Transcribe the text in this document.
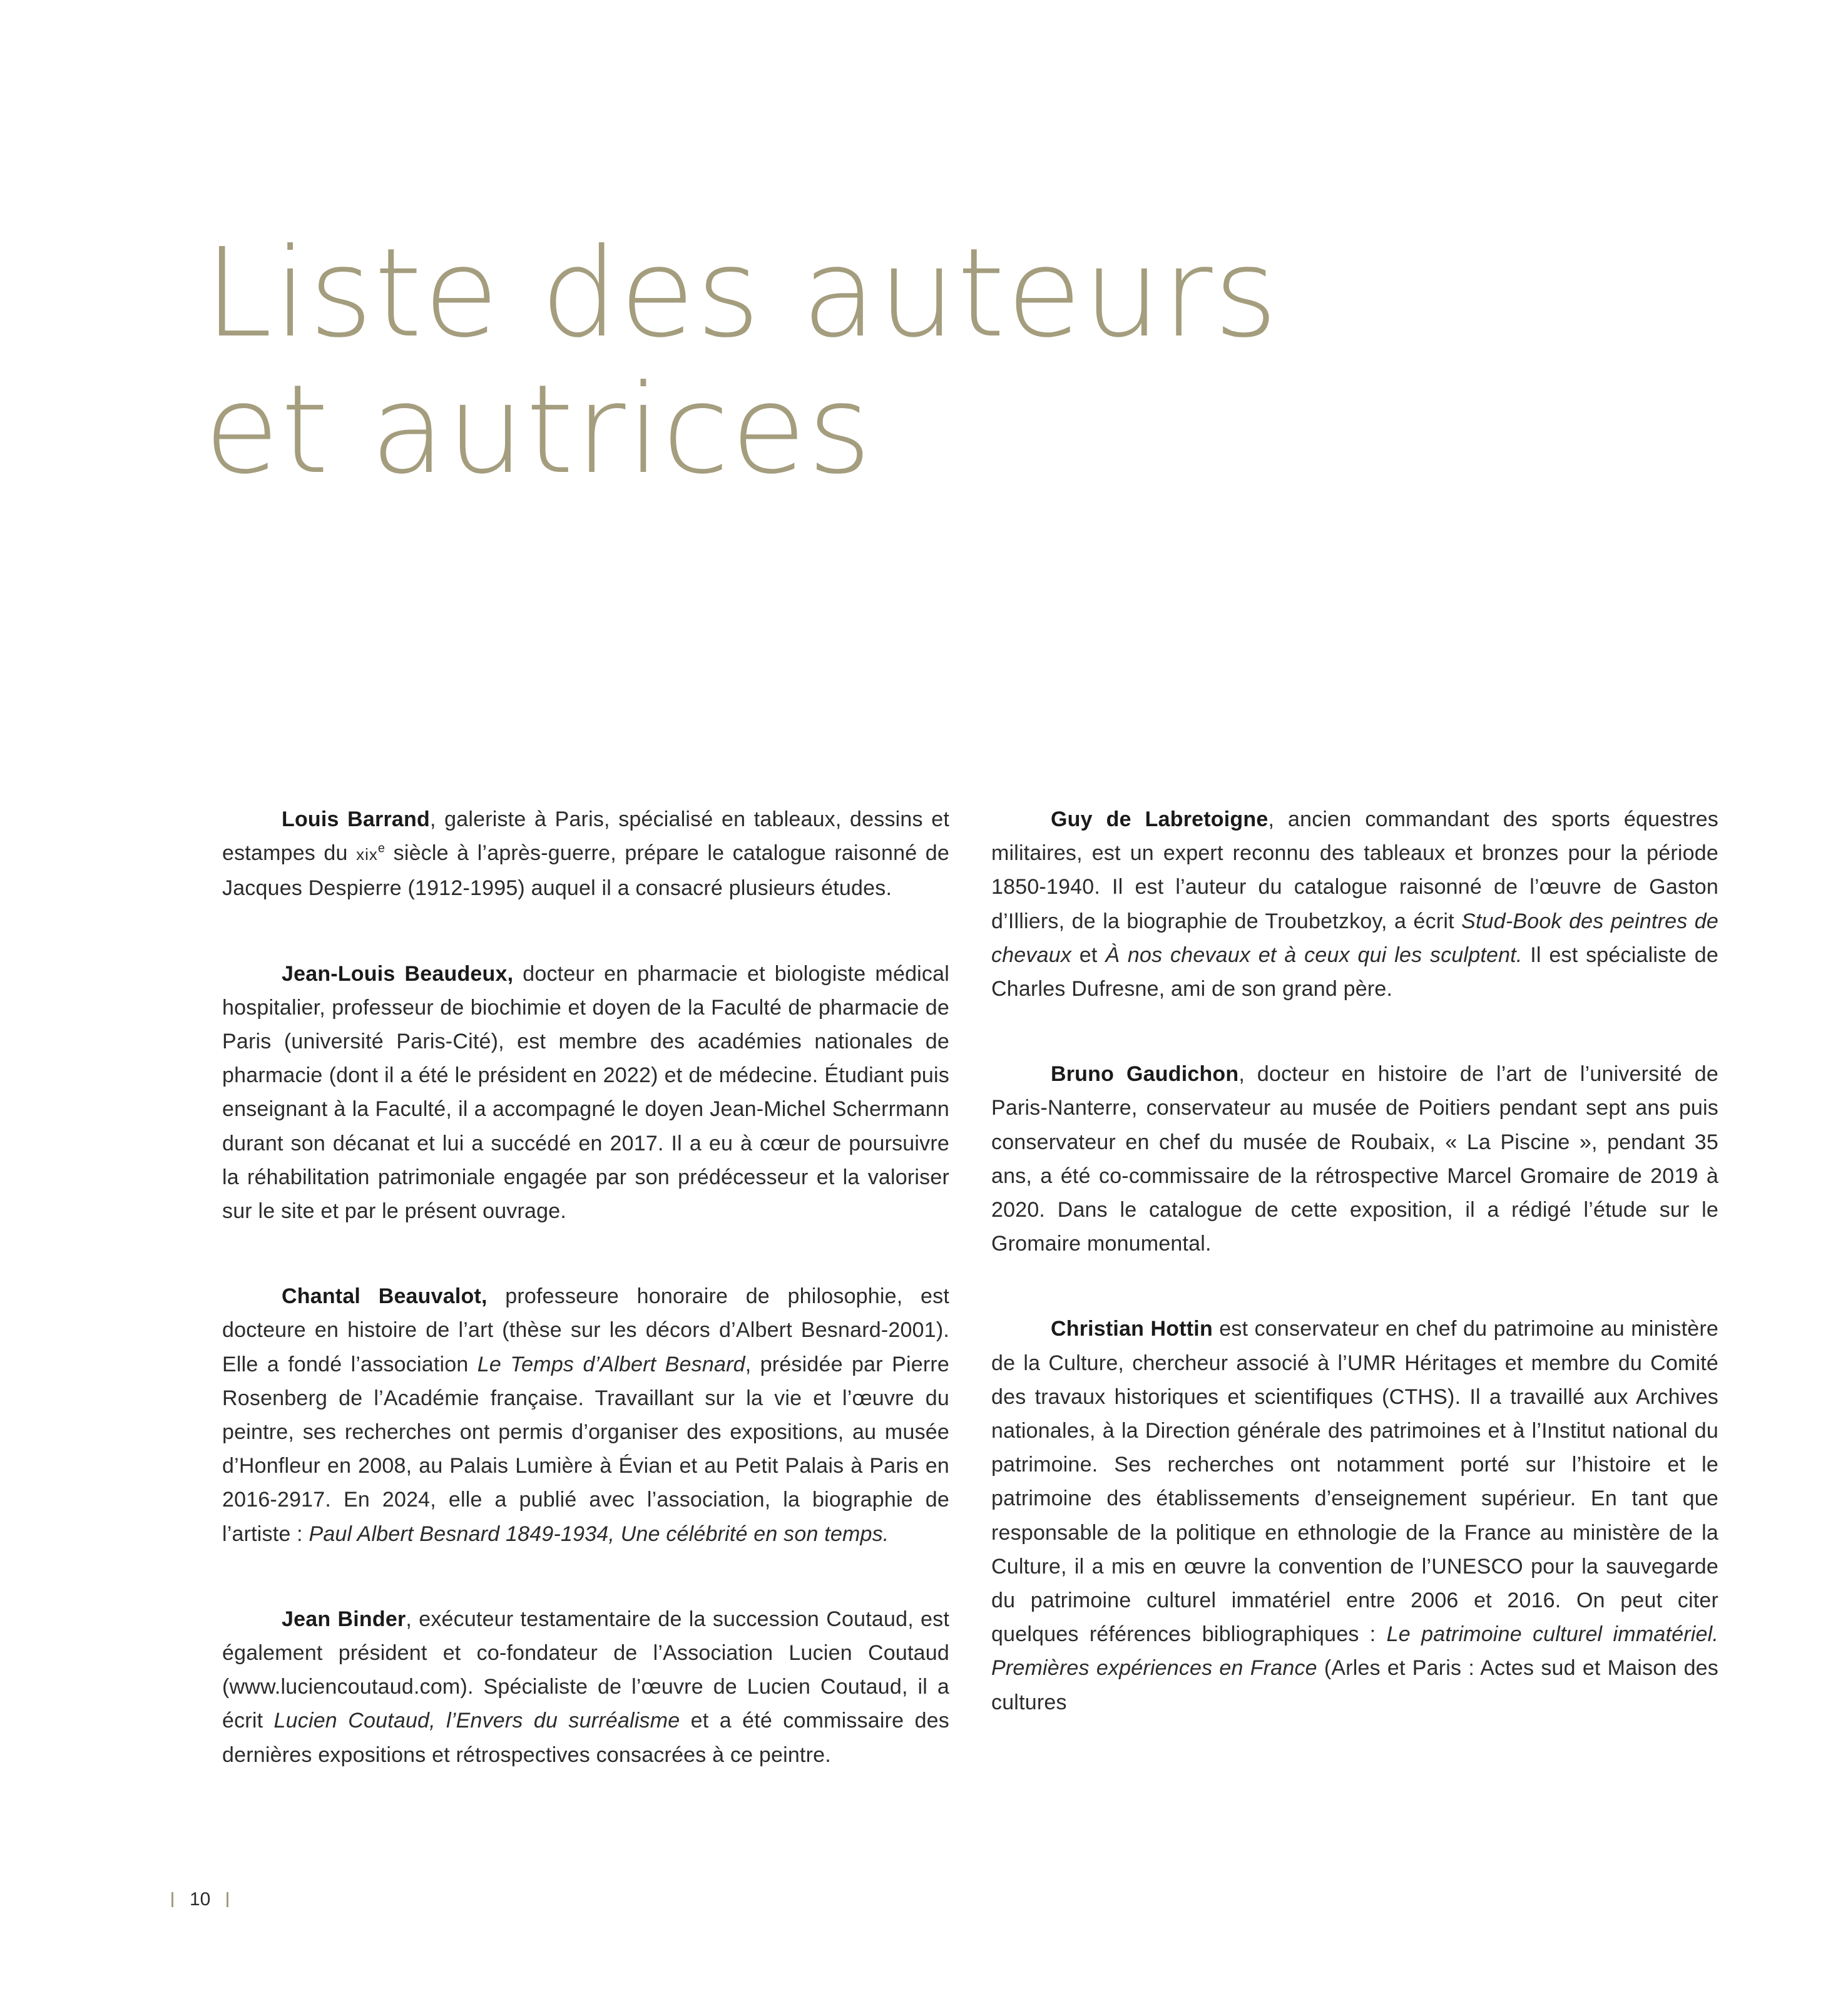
Liste des auteurs
et autrices

Louis Barrand, galeriste à Paris, spécialisé en tableaux, dessins et estampes du xix$^e$ siècle à l’après-guerre, prépare le catalogue raisonné de Jacques Despierre (1912-1995) auquel il a consacré plusieurs études.

Jean-Louis Beaudeux, docteur en pharmacie et biologiste médical hospitalier, professeur de biochimie et doyen de la Faculté de pharmacie de Paris (université Paris-Cité), est membre des académies nationales de pharmacie (dont il a été le président en 2022) et de médecine. Étudiant puis enseignant à la Faculté, il a accompagné le doyen Jean-Michel Scherrmann durant son décanat et lui a succédé en 2017. Il a eu à cœur de poursuivre la réhabilitation patrimoniale engagée par son prédécesseur et la valoriser sur le site et par le présent ouvrage.

Chantal Beauvalot, professeure honoraire de philosophie, est docteure en histoire de l’art (thèse sur les décors d’Albert Besnard-2001). Elle a fondé l’association Le Temps d’Albert Besnard, présidée par Pierre Rosenberg de l’Académie française. Travaillant sur la vie et l’œuvre du peintre, ses recherches ont permis d’organiser des expositions, au musée d’Honfleur en 2008, au Palais Lumière à Évian et au Petit Palais à Paris en 2016-2917. En 2024, elle a publié avec l’association, la biographie de l’artiste : Paul Albert Besnard 1849-1934, Une célébrité en son temps.

Jean Binder, exécuteur testamentaire de la succession Coutaud, est également président et co-fondateur de l’Association Lucien Coutaud (www.luciencoutaud.com). Spécialiste de l’œuvre de Lucien Coutaud, il a écrit Lucien Coutaud, l’Envers du surréalisme et a été commissaire des dernières expositions et rétrospectives consacrées à ce peintre.

Guy de Labretoigne, ancien commandant des sports équestres militaires, est un expert reconnu des tableaux et bronzes pour la période 1850-1940. Il est l’auteur du catalogue raisonné de l’œuvre de Gaston d’Illiers, de la biographie de Troubetzkoy, a écrit Stud-Book des peintres de chevaux et À nos chevaux et à ceux qui les sculptent. Il est spécialiste de Charles Dufresne, ami de son grand père.

Bruno Gaudichon, docteur en histoire de l’art de l’université de Paris-Nanterre, conservateur au musée de Poitiers pendant sept ans puis conservateur en chef du musée de Roubaix, « La Piscine », pendant 35 ans, a été co-commissaire de la rétrospective Marcel Gromaire de 2019 à 2020. Dans le catalogue de cette exposition, il a rédigé l’étude sur le Gromaire monumental.

Christian Hottin est conservateur en chef du patrimoine au ministère de la Culture, chercheur associé à l’UMR Héritages et membre du Comité des travaux historiques et scientifiques (CTHS). Il a travaillé aux Archives nationales, à la Direction générale des patrimoines et à l’Institut national du patrimoine. Ses recherches ont notamment porté sur l’histoire et le patrimoine des établissements d’enseignement supérieur. En tant que responsable de la politique en ethnologie de la France au ministère de la Culture, il a mis en œuvre la convention de l’UNESCO pour la sauvegarde du patrimoine culturel immatériel entre 2006 et 2016. On peut citer quelques références bibliographiques : Le patrimoine culturel immatériel. Premières expériences en France (Arles et Paris : Actes sud et Maison des cultures

10
